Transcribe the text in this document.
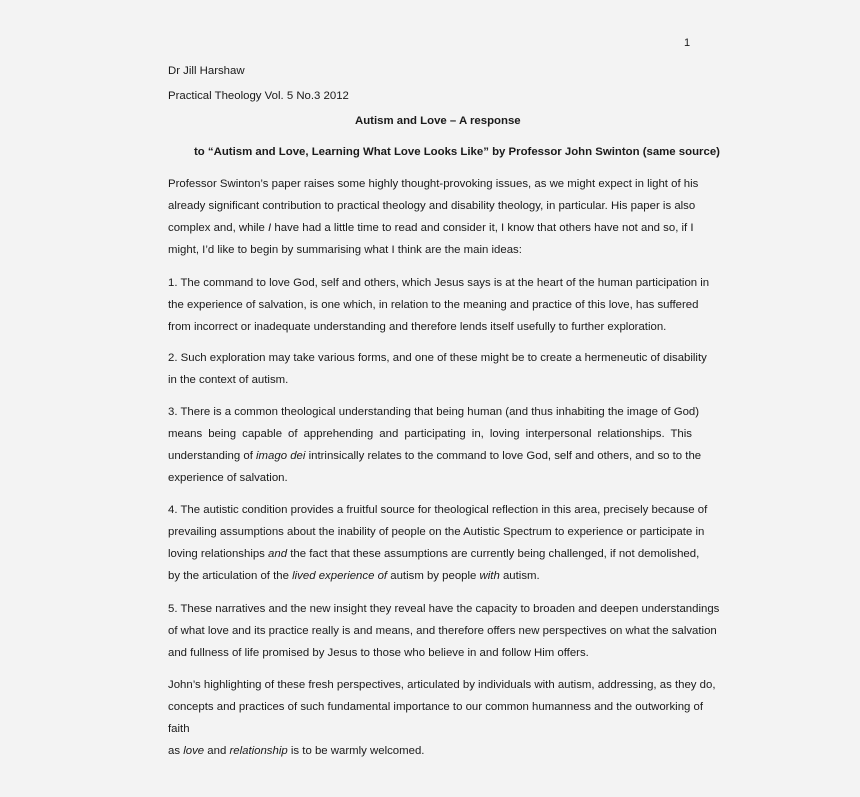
1
Dr Jill Harshaw
Practical Theology Vol. 5 No.3 2012
Autism and Love – A response
to “Autism and Love, Learning What Love Looks Like” by Professor John Swinton (same source)
Professor Swinton’s paper raises some highly thought-provoking issues, as we might expect in light of his
already significant contribution to practical theology and disability theology, in particular. His paper is also
complex and, while I have had a little time to read and consider it, I know that others have not and so, if I
might, I’d like to begin by summarising what I think are the main ideas:
1. The command to love God, self and others, which Jesus says is at the heart of the human participation in
the experience of salvation, is one which, in relation to the meaning and practice of this love, has suffered
from incorrect or inadequate understanding and therefore lends itself usefully to further exploration.
2. Such exploration may take various forms, and one of these might be to create a hermeneutic of disability
in the context of autism.
3. There is a common theological understanding that being human (and thus inhabiting the image of God)
means being capable of apprehending and participating in, loving interpersonal relationships. This
understanding of imago dei intrinsically relates to the command to love God, self and others, and so to the
experience of salvation.
4. The autistic condition provides a fruitful source for theological reflection in this area, precisely because of
prevailing assumptions about the inability of people on the Autistic Spectrum to experience or participate in
loving relationships and the fact that these assumptions are currently being challenged, if not demolished,
by the articulation of the lived experience of autism by people with autism.
5. These narratives and the new insight they reveal have the capacity to broaden and deepen understandings
of what love and its practice really is and means, and therefore offers new perspectives on what the salvation
and fullness of life promised by Jesus to those who believe in and follow Him offers.
John’s highlighting of these fresh perspectives, articulated by individuals with autism, addressing, as they do,
concepts and practices of such fundamental importance to our common humanness and the outworking of
faith
as love and relationship is to be warmly welcomed.
